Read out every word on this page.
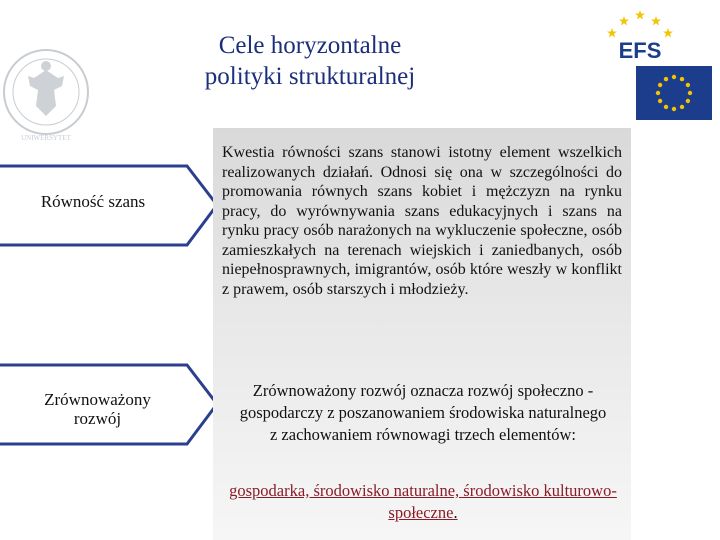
Cele horyzontalne
polityki strukturalnej
UNIWERSYTET
EFS
Równość szans
Zrównoważony
rozwój
Kwestia równości szans stanowi istotny element wszelkich realizowanych działań. Odnosi się ona w szczególności do promowania równych szans kobiet i mężczyzn na rynku pracy, do wyrównywania szans edukacyjnych i szans na rynku pracy osób narażonych na wykluczenie społeczne, osób zamieszkałych na terenach wiejskich i zaniedbanych, osób niepełnosprawnych, imigrantów, osób które weszły w konflikt z prawem, osób starszych i młodzieży.
Zrównoważony rozwój oznacza rozwój społeczno - gospodarczy z poszanowaniem środowiska naturalnego z zachowaniem równowagi trzech elementów:
gospodarka, środowisko naturalne, środowisko kulturowo-społeczne.
